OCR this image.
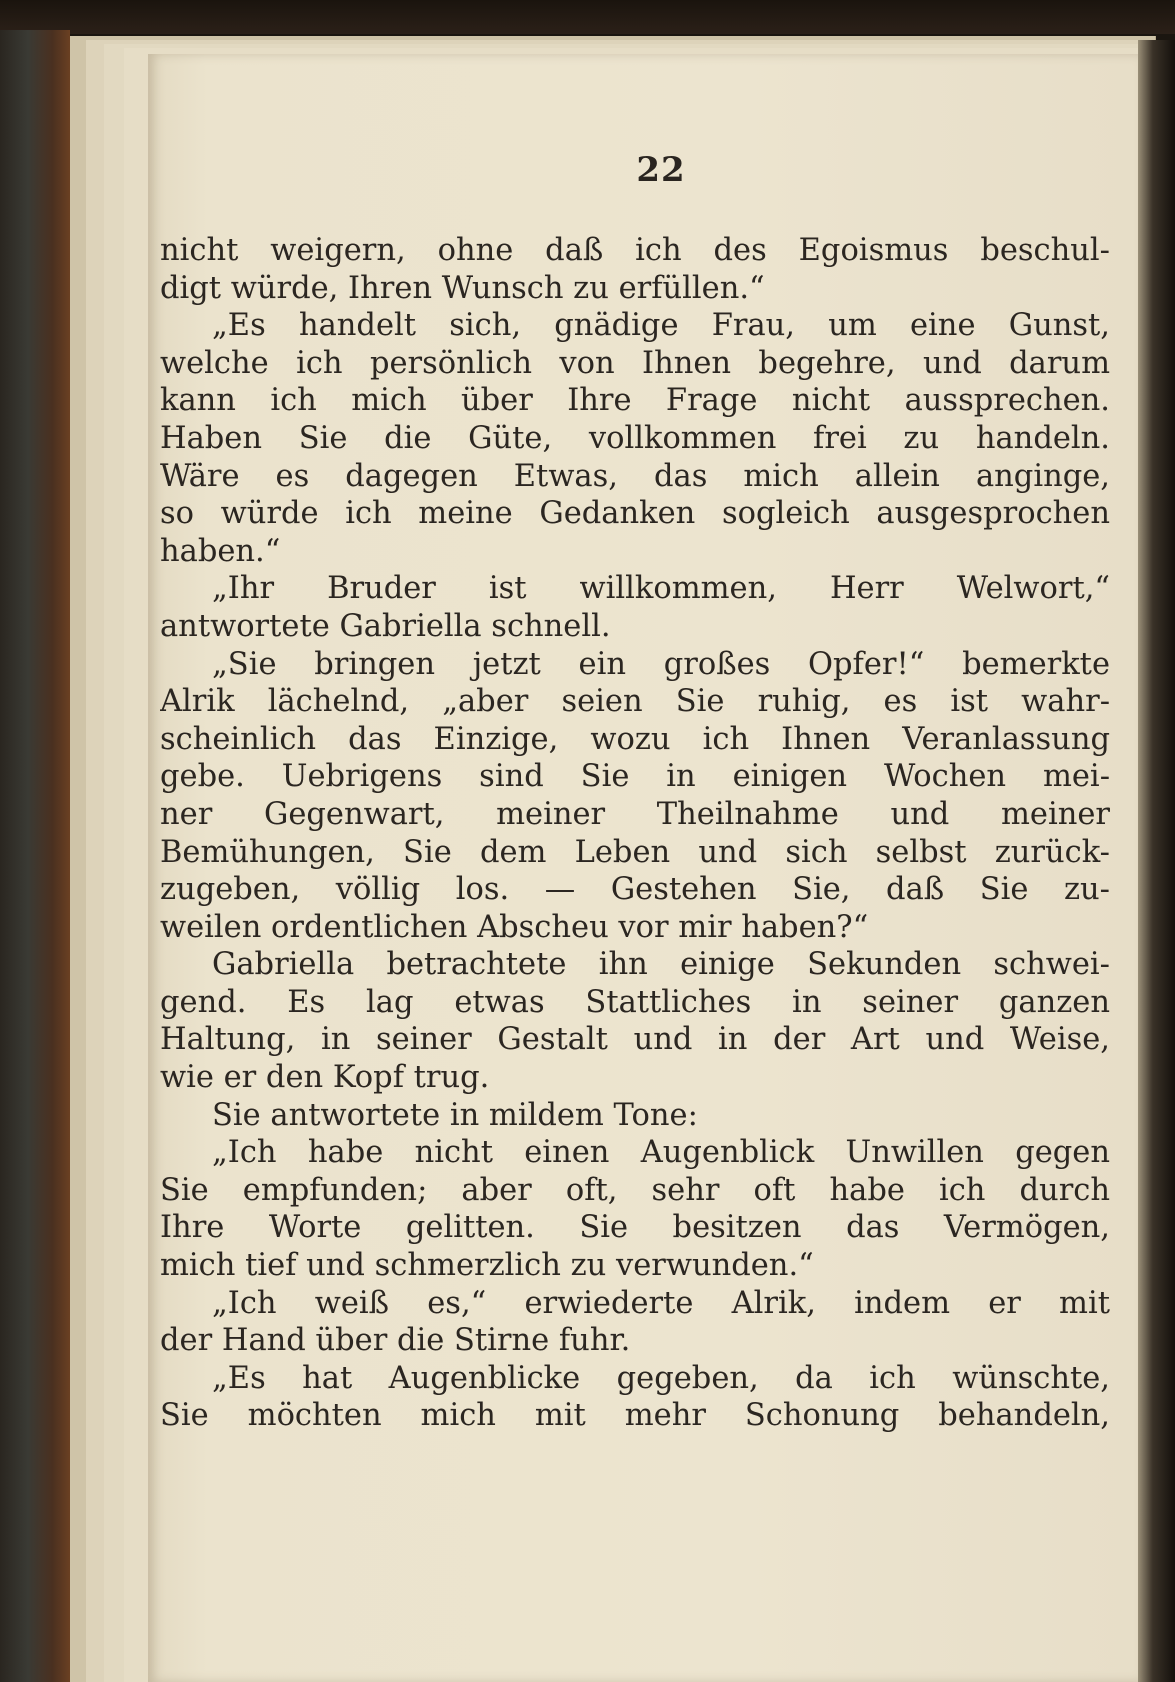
22
nicht weigern, ohne daß ich des Egoismus beschul-
digt würde, Ihren Wunsch zu erfüllen.“
„Es handelt sich, gnädige Frau, um eine Gunst,
welche ich persönlich von Ihnen begehre, und darum
kann ich mich über Ihre Frage nicht aussprechen.
Haben Sie die Güte, vollkommen frei zu handeln.
Wäre es dagegen Etwas, das mich allein anginge,
so würde ich meine Gedanken sogleich ausgesprochen
haben.“
„Ihr Bruder ist willkommen, Herr Welwort,“
antwortete Gabriella schnell.
„Sie bringen jetzt ein großes Opfer!“ bemerkte
Alrik lächelnd, „aber seien Sie ruhig, es ist wahr-
scheinlich das Einzige, wozu ich Ihnen Veranlassung
gebe. Uebrigens sind Sie in einigen Wochen mei-
ner Gegenwart, meiner Theilnahme und meiner
Bemühungen, Sie dem Leben und sich selbst zurück-
zugeben, völlig los. — Gestehen Sie, daß Sie zu-
weilen ordentlichen Abscheu vor mir haben?“
Gabriella betrachtete ihn einige Sekunden schwei-
gend. Es lag etwas Stattliches in seiner ganzen
Haltung, in seiner Gestalt und in der Art und Weise,
wie er den Kopf trug.
Sie antwortete in mildem Tone:
„Ich habe nicht einen Augenblick Unwillen gegen
Sie empfunden; aber oft, sehr oft habe ich durch
Ihre Worte gelitten. Sie besitzen das Vermögen,
mich tief und schmerzlich zu verwunden.“
„Ich weiß es,“ erwiederte Alrik, indem er mit
der Hand über die Stirne fuhr.
„Es hat Augenblicke gegeben, da ich wünschte,
Sie möchten mich mit mehr Schonung behandeln,
